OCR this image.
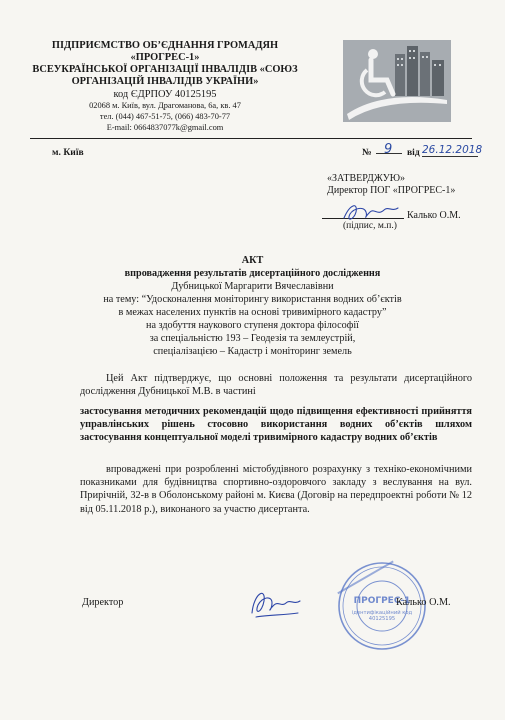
ПІДПРИЄМСТВО ОБ’ЄДНАННЯ ГРОМАДЯН
«ПРОГРЕС-1»
ВСЕУКРАЇНСЬКОЇ ОРГАНІЗАЦІЇ ІНВАЛІДІВ «СОЮЗ
ОРГАНІЗАЦІЙ ІНВАЛІДІВ УКРАЇНИ»
код ЄДРПОУ 40125195
02068 м. Київ, вул. Драгоманова, 6а, кв. 47
тел. (044) 467-51-75, (066) 483-70-77
E-mail: 0664837077k@gmail.com
м. Київ	№ 9 від 26.12.2018
«ЗАТВЕРДЖУЮ»
Директор ПОГ «ПРОГРЕС-1»
Калько О.М.
(підпис, м.п.)
АКТ
впровадження результатів дисертаційного дослідження
Дубницької Маргарити Вячеславівни
на тему: “Удосконалення моніторингу використання водних об’єктів
в межах населених пунктів на основі тривимірного кадастру”
на здобуття наукового ступеня доктора філософії
за спеціальністю 193 – Геодезія та землеустрій,
спеціалізацією – Кадастр і моніторинг земель
Цей Акт підтверджує, що основні положення та результати дисертаційного дослідження Дубницької М.В. в частині
застосування методичних рекомендацій щодо підвищення ефективності прийняття управлінських рішень стосовно використання водних об’єктів шляхом застосування концептуальної моделі тривимірного кадастру водних об’єктів
впроваджені при розробленні містобудівного розрахунку з техніко-економічними показниками для будівництва спортивно-оздоровчого закладу з веслування на вул. Прирічній, 32-в в Оболонському районі м. Києва (Договір на передпроектні роботи № 12 від 05.11.2018 р.), виконаного за участю дисертанта.
ПРОГРЕС-1
ідентифікаційний код 40125195
Директор	Калько О.М.
